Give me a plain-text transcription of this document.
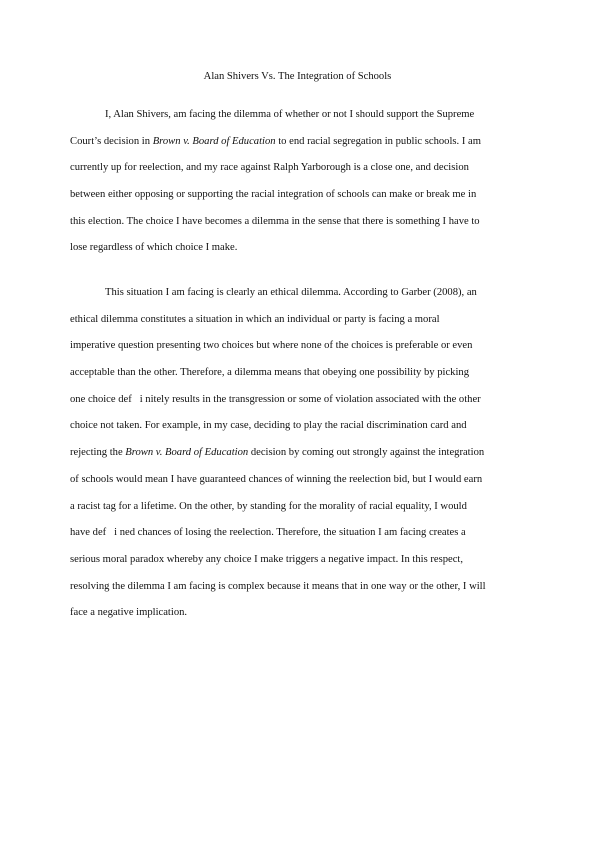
Alan Shivers Vs. The Integration of Schools

I, Alan Shivers, am facing the dilemma of whether or not I should support the Supreme
Court’s decision in Brown v. Board of Education to end racial segregation in public schools. I am
currently up for reelection, and my race against Ralph Yarborough is a close one, and decision
between either opposing or supporting the racial integration of schools can make or break me in
this election. The choice I have becomes a dilemma in the sense that there is something I have to
lose regardless of which choice I make.

This situation I am facing is clearly an ethical dilemma. According to Garber (2008), an
ethical dilemma constitutes a situation in which an individual or party is facing a moral
imperative question presenting two choices but where none of the choices is preferable or even
acceptable than the other. Therefore, a dilemma means that obeying one possibility by picking
one choice def   i nitely results in the transgression or some of violation associated with the other
choice not taken. For example, in my case, deciding to play the racial discrimination card and
rejecting the Brown v. Board of Education decision by coming out strongly against the integration
of schools would mean I have guaranteed chances of winning the reelection bid, but I would earn
a racist tag for a lifetime. On the other, by standing for the morality of racial equality, I would
have def   i ned chances of losing the reelection. Therefore, the situation I am facing creates a
serious moral paradox whereby any choice I make triggers a negative impact. In this respect,
resolving the dilemma I am facing is complex because it means that in one way or the other, I will
face a negative implication.
